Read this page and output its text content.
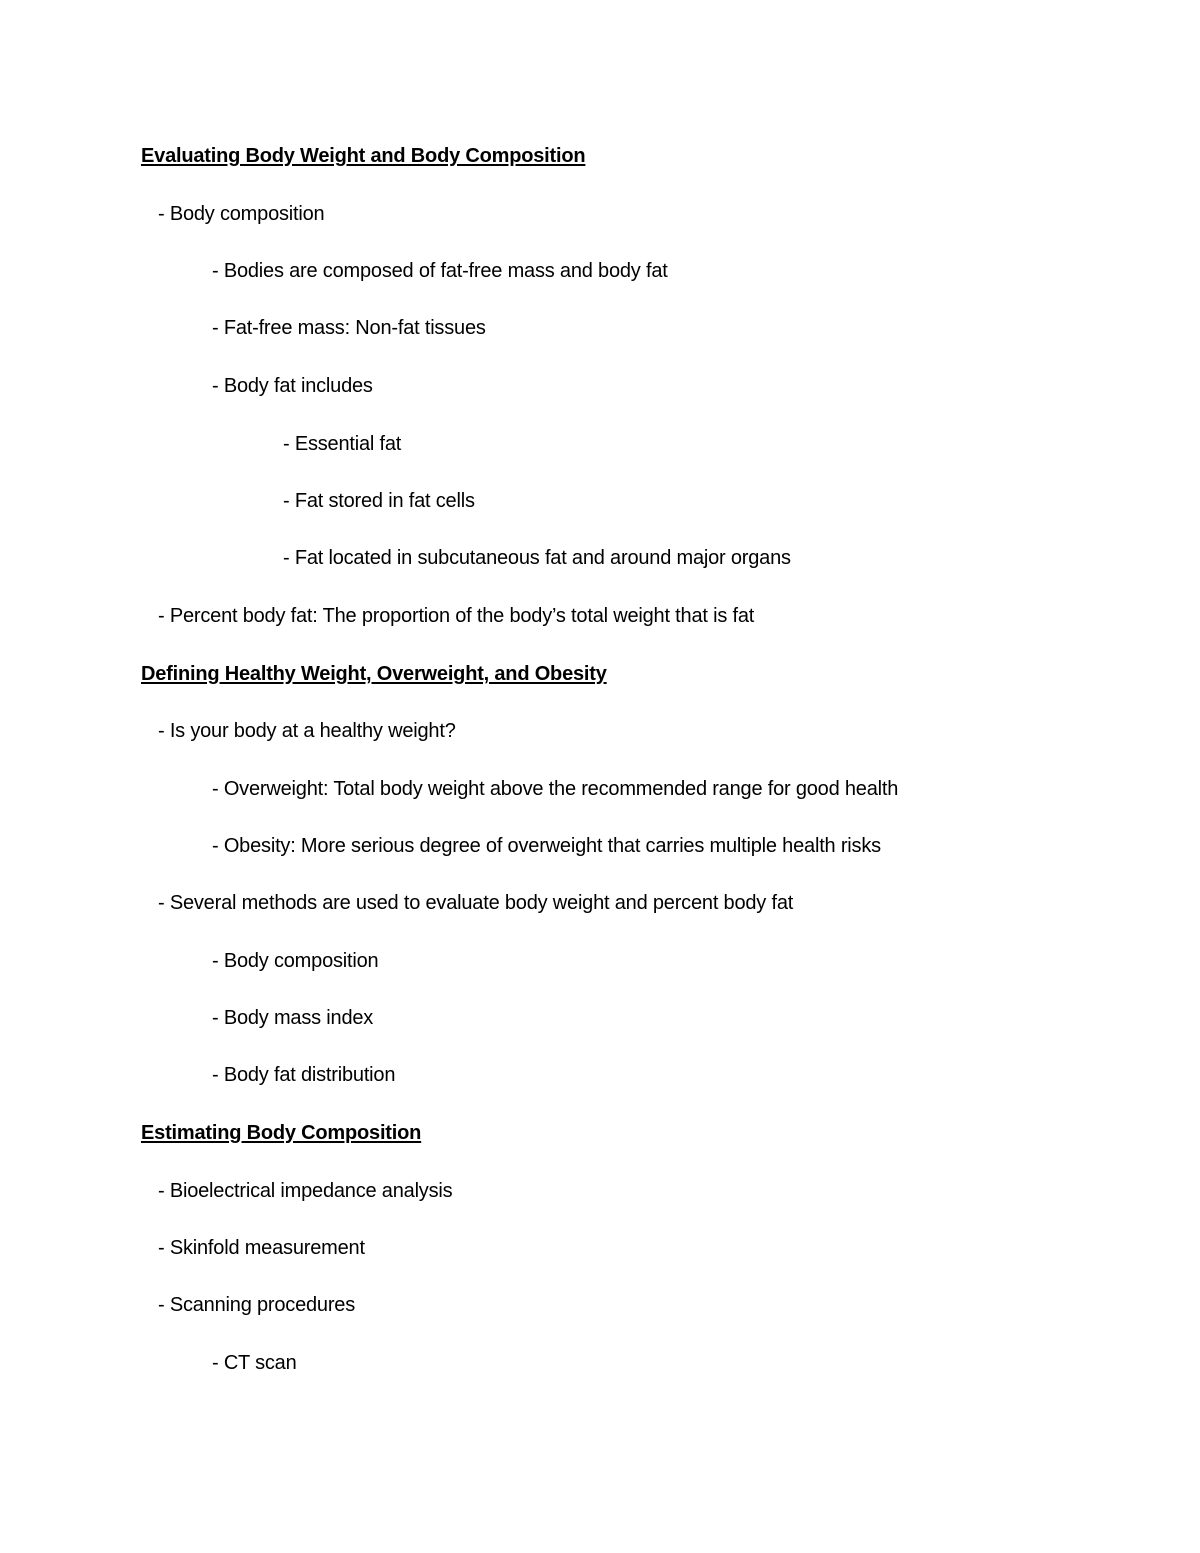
Evaluating Body Weight and Body Composition
- Body composition
- Bodies are composed of fat-free mass and body fat
- Fat-free mass: Non-fat tissues
- Body fat includes
- Essential fat
- Fat stored in fat cells
- Fat located in subcutaneous fat and around major organs
- Percent body fat: The proportion of the body’s total weight that is fat
Defining Healthy Weight, Overweight, and Obesity
- Is your body at a healthy weight?
- Overweight: Total body weight above the recommended range for good health
- Obesity: More serious degree of overweight that carries multiple health risks
- Several methods are used to evaluate body weight and percent body fat
- Body composition
- Body mass index
- Body fat distribution
Estimating Body Composition
- Bioelectrical impedance analysis
- Skinfold measurement
- Scanning procedures
- CT scan
